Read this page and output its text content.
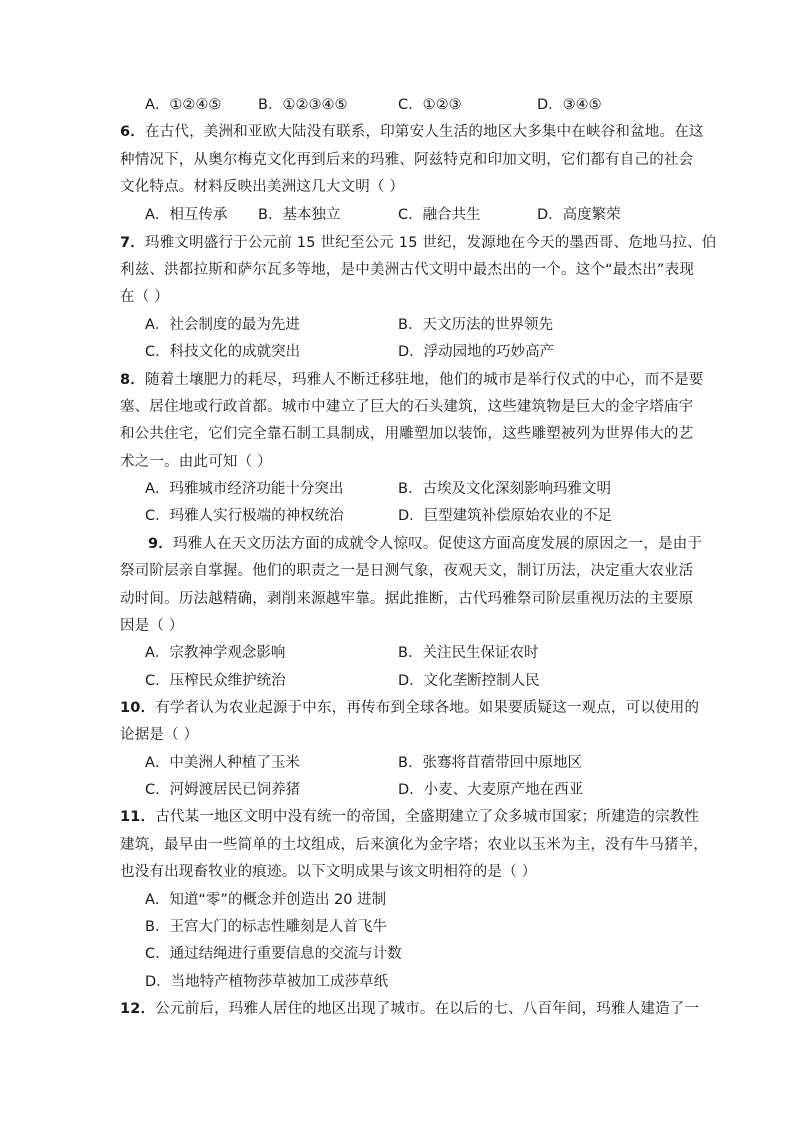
A．①②④⑤	B．①②③④⑤	C．①②③	D．③④⑤
6．在古代，美洲和亚欧大陆没有联系，印第安人生活的地区大多集中在峡谷和盆地。在这
种情况下，从奥尔梅克文化再到后来的玛雅、阿兹特克和印加文明，它们都有自己的社会
文化特点。材料反映出美洲这几大文明（ ）
A．相互传承 B．基本独立	C．融合共生	D．高度繁荣
7．玛雅文明盛行于公元前 15 世纪至公元 15 世纪，发源地在今天的墨西哥、危地马拉、伯
利兹、洪都拉斯和萨尔瓦多等地，是中美洲古代文明中最杰出的一个。这个“最杰出”表现
在（ ）
A．社会制度的最为先进	B．天文历法的世界领先
C．科技文化的成就突出	D．浮动园地的巧妙高产
8．随着土壤肥力的耗尽，玛雅人不断迁移驻地，他们的城市是举行仪式的中心，而不是要
塞、居住地或行政首都。城市中建立了巨大的石头建筑，这些建筑物是巨大的金字塔庙宇
和公共住宅，它们完全靠石制工具制成，用雕塑加以装饰，这些雕塑被列为世界伟大的艺
术之一。由此可知（ ）
A．玛雅城市经济功能十分突出	B．古埃及文化深刻影响玛雅文明
C．玛雅人实行极端的神权统治	D．巨型建筑补偿原始农业的不足
9．玛雅人在天文历法方面的成就令人惊叹。促使这方面高度发展的原因之一，是由于
祭司阶层亲自掌握。他们的职责之一是日测气象，夜观天文，制订历法，决定重大农业活
动时间。历法越精确，剥削来源越牢靠。据此推断，古代玛雅祭司阶层重视历法的主要原
因是（ ）
A．宗教神学观念影响	B．关注民生保证农时
C．压榨民众维护统治	D．文化垄断控制人民
10．有学者认为农业起源于中东，再传布到全球各地。如果要质疑这一观点，可以使用的
论据是（ ）
A．中美洲人种植了玉米	B．张骞将苜蓿带回中原地区
C．河姆渡居民已饲养猪	D．小麦、大麦原产地在西亚
11．古代某一地区文明中没有统一的帝国，全盛期建立了众多城市国家；所建造的宗教性
建筑，最早由一些简单的土坟组成，后来演化为金字塔；农业以玉米为主，没有牛马猪羊，
也没有出现畜牧业的痕迹。以下文明成果与该文明相符的是（ ）
A．知道“零”的概念并创造出 20 进制
B．王宫大门的标志性雕刻是人首飞牛
C．通过结绳进行重要信息的交流与计数
D．当地特产植物莎草被加工成莎草纸
12．公元前后，玛雅人居住的地区出现了城市。在以后的七、八百年间，玛雅人建造了一
